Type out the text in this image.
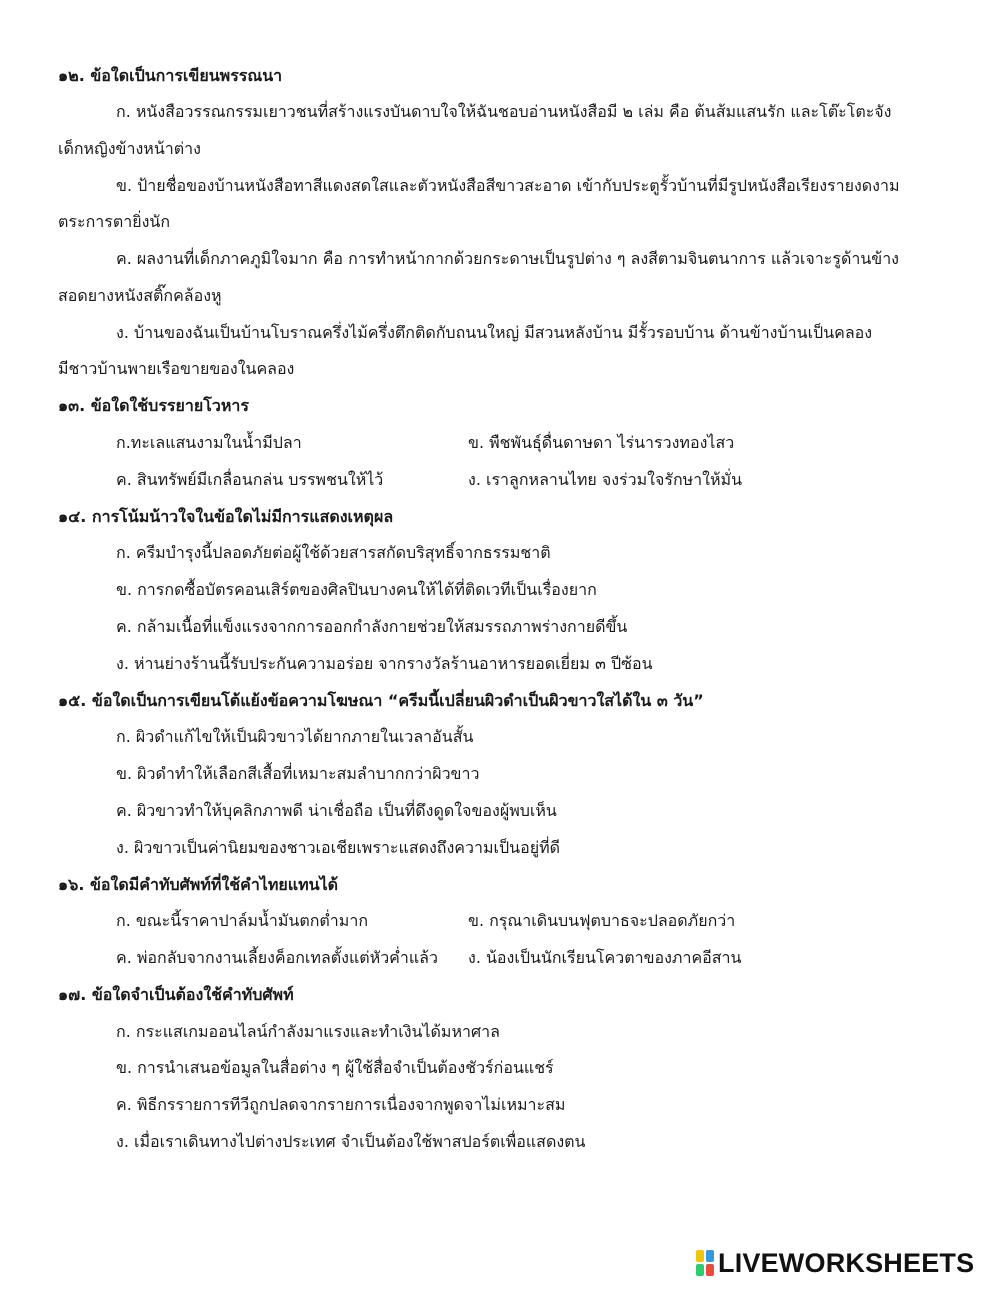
๑๒. ข้อใดเป็นการเขียนพรรณนา
ก. หนังสือวรรณกรรมเยาวชนที่สร้างแรงบันดาบใจให้ฉันชอบอ่านหนังสือมี ๒ เล่ม คือ ต้นส้มแสนรัก และโต๊ะโตะจัง
เด็กหญิงข้างหน้าต่าง
ข. ป้ายชื่อของบ้านหนังสือทาสีแดงสดใสและตัวหนังสือสีขาวสะอาด เข้ากับประตูรั้วบ้านที่มีรูปหนังสือเรียงรายงดงาม
ตระการตายิ่งนัก
ค. ผลงานที่เด็กภาคภูมิใจมาก คือ การทำหน้ากากด้วยกระดาษเป็นรูปต่าง ๆ ลงสีตามจินตนาการ แล้วเจาะรูด้านข้าง
สอดยางหนังสติ๊กคล้องหู
ง. บ้านของฉันเป็นบ้านโบราณครึ่งไม้ครึ่งตึกติดกับถนนใหญ่ มีสวนหลังบ้าน มีรั้วรอบบ้าน ด้านข้างบ้านเป็นคลอง
มีชาวบ้านพายเรือขายของในคลอง
๑๓. ข้อใดใช้บรรยายโวหาร
ก.ทะเลแสนงามในน้ำมีปลา	ข. พืชพันธุ์ดื่นดาษดา ไร่นารวงทองไสว
ค. สินทรัพย์มีเกลื่อนกล่น บรรพชนให้ไว้	ง. เราลูกหลานไทย จงร่วมใจรักษาให้มั่น
๑๔. การโน้มน้าวใจในข้อใดไม่มีการแสดงเหตุผล
ก. ครีมบำรุงนี้ปลอดภัยต่อผู้ใช้ด้วยสารสกัดบริสุทธิ์จากธรรมชาติ
ข. การกดซื้อบัตรคอนเสิร์ตของศิลปินบางคนให้ได้ที่ติดเวทีเป็นเรื่องยาก
ค. กล้ามเนื้อที่แข็งแรงจากการออกกำลังกายช่วยให้สมรรถภาพร่างกายดีขึ้น
ง. ห่านย่างร้านนี้รับประกันความอร่อย จากรางวัลร้านอาหารยอดเยี่ยม ๓ ปีซ้อน
๑๕. ข้อใดเป็นการเขียนโต้แย้งข้อความโฆษณา “ครีมนี้เปลี่ยนผิวดำเป็นผิวขาวใสได้ใน ๓ วัน”
ก. ผิวดำแก้ไขให้เป็นผิวขาวได้ยากภายในเวลาอันสั้น
ข. ผิวดำทำให้เลือกสีเสื้อที่เหมาะสมลำบากกว่าผิวขาว
ค. ผิวขาวทำให้บุคลิกภาพดี น่าเชื่อถือ เป็นที่ดึงดูดใจของผู้พบเห็น
ง. ผิวขาวเป็นค่านิยมของชาวเอเชียเพราะแสดงถึงความเป็นอยู่ที่ดี
๑๖. ข้อใดมีคำทับศัพท์ที่ใช้คำไทยแทนได้
ก. ขณะนี้ราคาปาล์มน้ำมันตกต่ำมาก	ข. กรุณาเดินบนฟุตบาธจะปลอดภัยกว่า
ค. พ่อกลับจากงานเลี้ยงค็อกเทลตั้งแต่หัวค่ำแล้ว ง. น้องเป็นนักเรียนโควตาของภาคอีสาน
๑๗. ข้อใดจำเป็นต้องใช้คำทับศัพท์
ก. กระแสเกมออนไลน์กำลังมาแรงและทำเงินได้มหาศาล
ข. การนำเสนอข้อมูลในสื่อต่าง ๆ ผู้ใช้สื่อจำเป็นต้องชัวร์ก่อนแชร์
ค. พิธีกรรายการทีวีถูกปลดจากรายการเนื่องจากพูดจาไม่เหมาะสม
ง. เมื่อเราเดินทางไปต่างประเทศ จำเป็นต้องใช้พาสปอร์ตเพื่อแสดงตน
LIVEWORKSHEETS
